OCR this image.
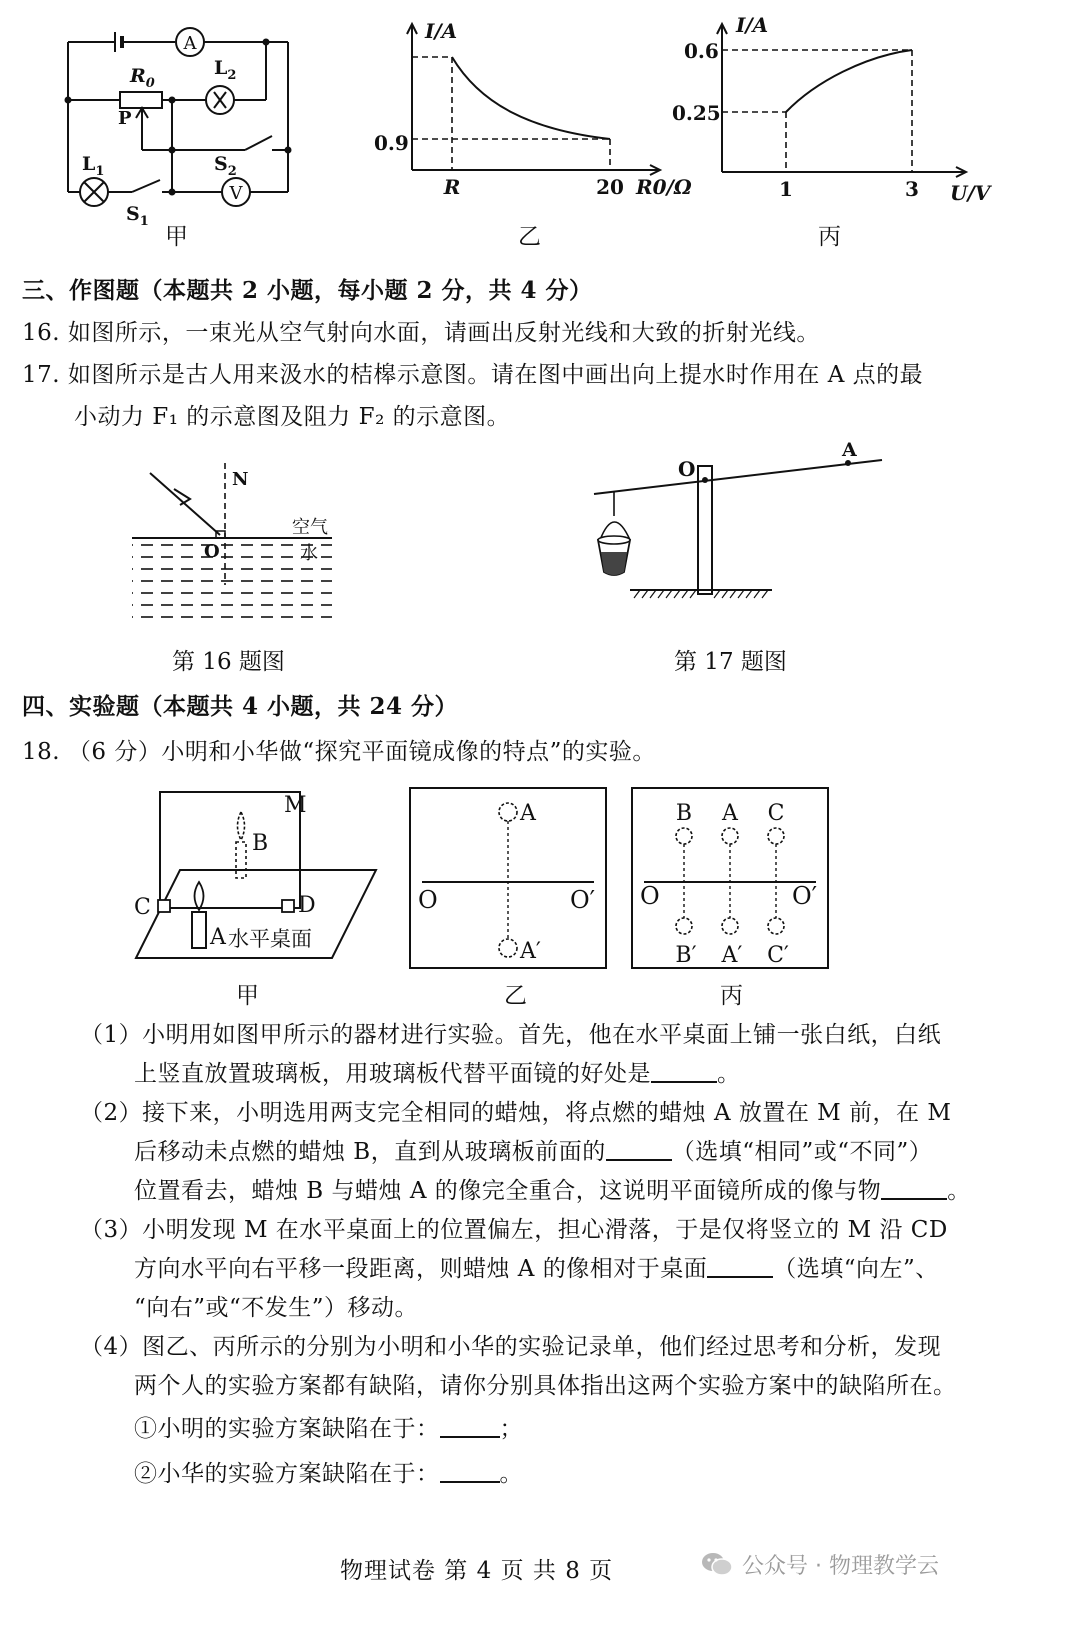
A
$R_0$
$L_2$
P
$L_1$	$S_2$
V
$S_1$
甲
I/A
0.9
R	20 R0/Ω
乙
I/A
0.6
0.25
1	3 U/V
丙
三、作图题（本题共 2 小题，每小题 2 分，共 4 分）
16. 如图所示，一束光从空气射向水面，请画出反射光线和大致的折射光线。
17. 如图所示是古人用来汲水的桔槔示意图。请在图中画出向上提水时作用在 A 点的最
小动力 F₁ 的示意图及阻力 F₂ 的示意图。
N
O
空气
水
第 16 题图
O
A
第 17 题图
四、实验题（本题共 4 小题，共 24 分）
18. （6 分）小明和小华做“探究平面镜成像的特点”的实验。
M
B
C	D
A 水平桌面
甲
A
A′
O	O′
乙
B A C
B′ A′ C′
O	O′
丙
（1）小明用如图甲所示的器材进行实验。首先，他在水平桌面上铺一张白纸，白纸
上竖直放置玻璃板，用玻璃板代替平面镜的好处是	。
（2）接下来，小明选用两支完全相同的蜡烛，将点燃的蜡烛 A 放置在 M 前，在 M
后移动未点燃的蜡烛 B，直到从玻璃板前面的	（选填“相同”或“不同”）
位置看去，蜡烛 B 与蜡烛 A 的像完全重合，这说明平面镜所成的像与物	。
（3）小明发现 M 在水平桌面上的位置偏左，担心滑落，于是仅将竖立的 M 沿 CD
方向水平向右平移一段距离，则蜡烛 A 的像相对于桌面	（选填“向左”、
“向右”或“不发生”）移动。
（4）图乙、丙所示的分别为小明和小华的实验记录单，他们经过思考和分析，发现
两个人的实验方案都有缺陷，请你分别具体指出这两个实验方案中的缺陷所在。
①小明的实验方案缺陷在于：	；
②小华的实验方案缺陷在于：	。
物理试卷 第 4 页 共 8 页	公众号 · 物理教学云
